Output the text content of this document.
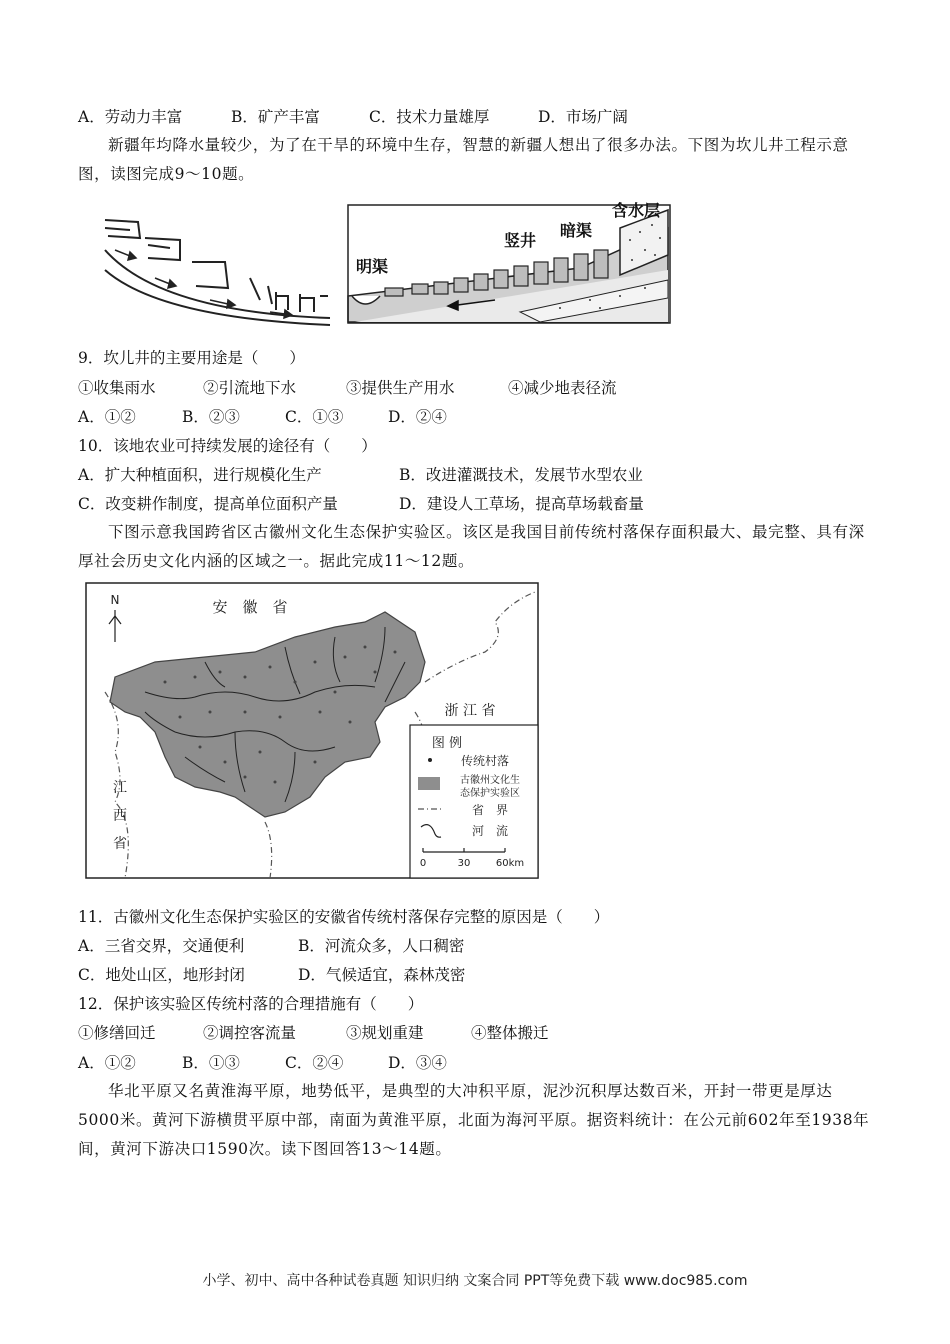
A．劳动力丰富	B．矿产丰富	C．技术力量雄厚	D．市场广阔
新疆年均降水量较少，为了在干旱的环境中生存，智慧的新疆人想出了很多办法。下图为坎儿井工程示意图，读图完成9～10题。
含水层
竖井
暗渠
明渠
9．坎儿井的主要用途是（　　）
①收集雨水	②引流地下水	③提供生产用水	④减少地表径流
A．①②	B．②③	C．①③	D．②④
10．该地农业可持续发展的途径有（　　）
A．扩大种植面积，进行规模化生产	B．改进灌溉技术，发展节水型农业
C．改变耕作制度，提高单位面积产量	D．建设人工草场，提高草场载畜量
下图示意我国跨省区古徽州文化生态保护实验区。该区是我国目前传统村落保存面积最大、最完整、具有深厚社会历史文化内涵的区域之一。据此完成11～12题。
N	安　徽　省
浙 江 省
江
西
省
图 例
传统村落
古徽州文化生
态保护实验区
省　界
河　流
0	30	60km
11．古徽州文化生态保护实验区的安徽省传统村落保存完整的原因是（　　）
A．三省交界，交通便利	B．河流众多，人口稠密
C．地处山区，地形封闭	D．气候适宜，森林茂密
12．保护该实验区传统村落的合理措施有（　　）
①修缮回迁	②调控客流量	③规划重建	④整体搬迁
A．①②	B．①③	C．②④	D．③④
华北平原又名黄淮海平原，地势低平，是典型的大冲积平原，泥沙沉积厚达数百米，开封一带更是厚达5000米。黄河下游横贯平原中部，南面为黄淮平原，北面为海河平原。据资料统计：在公元前602年至1938年间，黄河下游决口1590次。读下图回答13～14题。
小学、初中、高中各种试卷真题 知识归纳 文案合同 PPT等免费下载 www.doc985.com
